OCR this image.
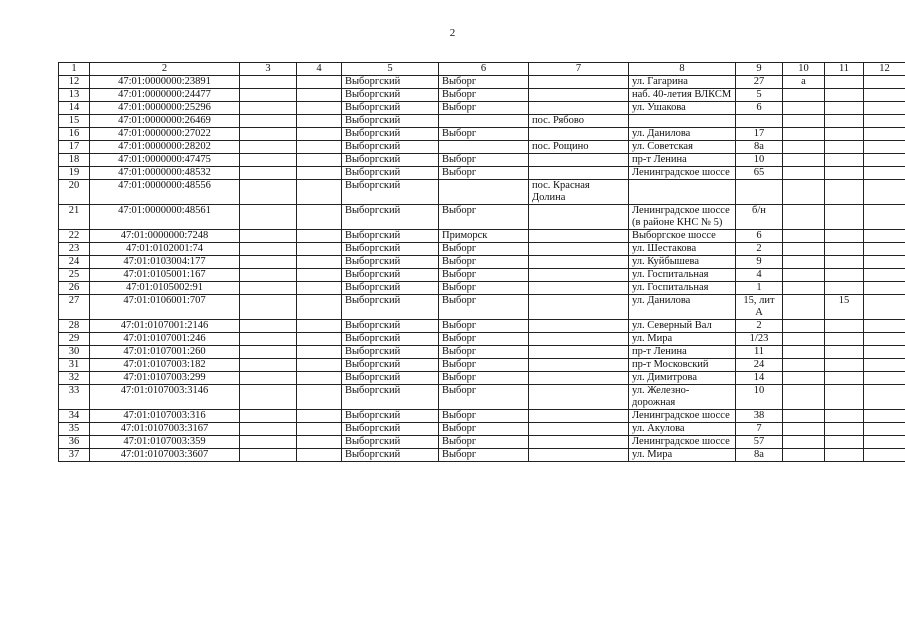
2
1	2	3	4	5	6	7	8	9	10	11	12
12	47:01:0000000:23891			Выборгский	Выборг		ул. Гагарина	27	а		
13	47:01:0000000:24477			Выборгский	Выборг		наб. 40-летия ВЛКСМ	5			
14	47:01:0000000:25296			Выборгский	Выборг		ул. Ушакова	6			
15	47:01:0000000:26469			Выборгский		пос. Рябово					
16	47:01:0000000:27022			Выборгский	Выборг		ул. Данилова	17			
17	47:01:0000000:28202			Выборгский		пос. Рощино	ул. Советская	8а			
18	47:01:0000000:47475			Выборгский	Выборг		пр-т Ленина	10			
19	47:01:0000000:48532			Выборгский	Выборг		Ленинградское шоссе	65			
20	47:01:0000000:48556			Выборгский		пос. Красная Долина					
21	47:01:0000000:48561			Выборгский	Выборг		Ленинградское шоссе (в районе КНС № 5)	б/н			
22	47:01:0000000:7248			Выборгский	Приморск		Выборгское шоссе	6			
23	47:01:0102001:74			Выборгский	Выборг		ул. Шестакова	2			
24	47:01:0103004:177			Выборгский	Выборг		ул. Куйбышева	9			
25	47:01:0105001:167			Выборгский	Выборг		ул. Госпитальная	4			
26	47:01:0105002:91			Выборгский	Выборг		ул. Госпитальная	1			
27	47:01:0106001:707			Выборгский	Выборг		ул. Данилова	15, лит А		15	
28	47:01:0107001:2146			Выборгский	Выборг		ул. Северный Вал	2			
29	47:01:0107001:246			Выборгский	Выборг		ул. Мира	1/23			
30	47:01:0107001:260			Выборгский	Выборг		пр-т Ленина	11			
31	47:01:0107003:182			Выборгский	Выборг		пр-т Московский	24			
32	47:01:0107003:299			Выборгский	Выборг		ул. Димитрова	14			
33	47:01:0107003:3146			Выборгский	Выборг		ул. Железно-дорожная	10			
34	47:01:0107003:316			Выборгский	Выборг		Ленинградское шоссе	38			
35	47:01:0107003:3167			Выборгский	Выборг		ул. Акулова	7			
36	47:01:0107003:359			Выборгский	Выборг		Ленинградское шоссе	57			
37	47:01:0107003:3607			Выборгский	Выборг		ул. Мира	8а			
